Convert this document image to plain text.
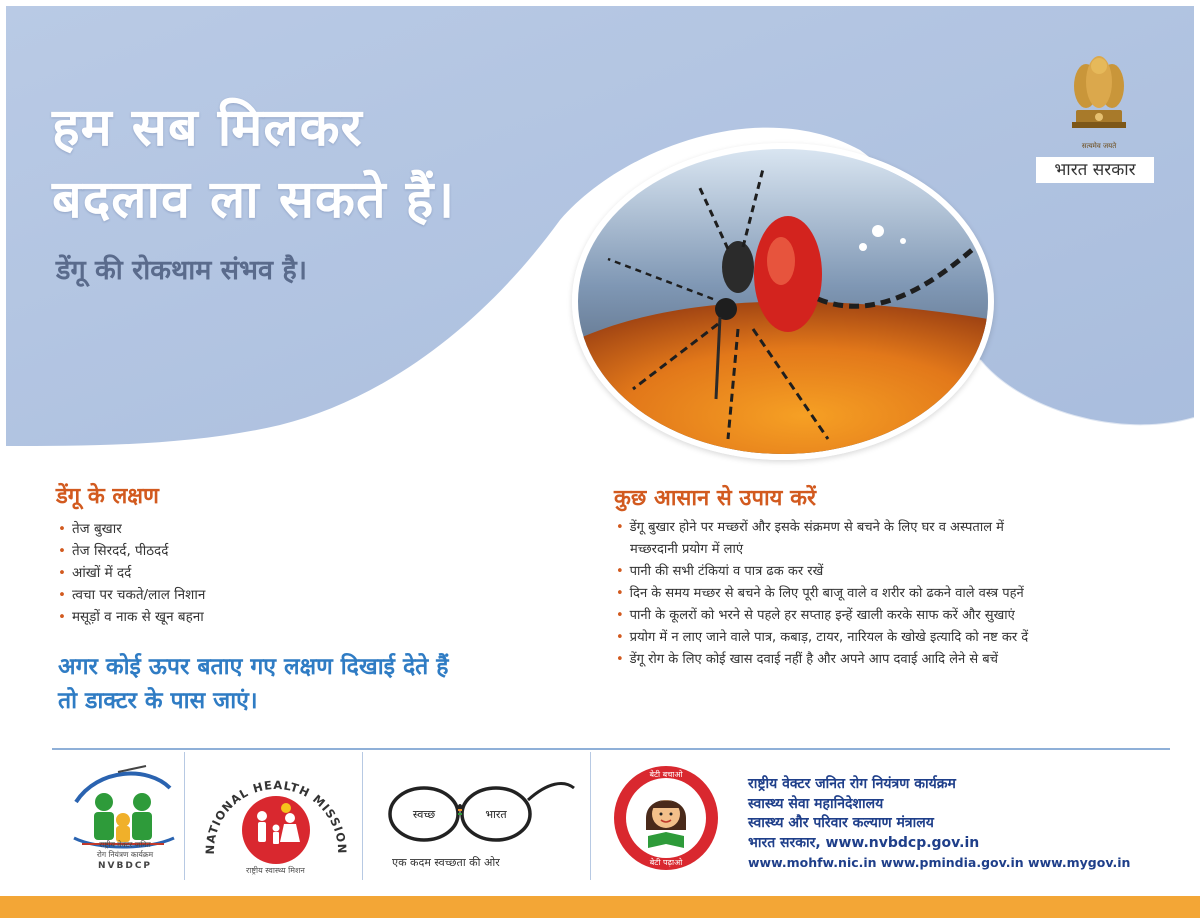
हम सब मिलकर
बदलाव ला सकते हैं।
डेंगू की रोकथाम संभव है।
सत्यमेव जयते
भारत सरकार
डेंगू के लक्षण
• तेज बुखार
• तेज सिरदर्द, पीठदर्द
• आंखों में दर्द
• त्वचा पर चकते/लाल निशान
• मसूड़ों व नाक से खून बहना
अगर कोई ऊपर बताए गए लक्षण दिखाई देते हैं
तो डाक्टर के पास जाएं।
कुछ आसान से उपाय करें
• डेंगू बुखार होने पर मच्छरों और इसके संक्रमण से बचने के लिए घर व अस्पताल में
मच्छरदानी प्रयोग में लाएं
• पानी की सभी टंकियां व पात्र ढक कर रखें
• दिन के समय मच्छर से बचने के लिए पूरी बाजू वाले व शरीर को ढकने वाले वस्त्र पहनें
• पानी के कूलरों को भरने से पहले हर सप्ताह इन्हें खाली करके साफ करें और सुखाएं
• प्रयोग में न लाए जाने वाले पात्र, कबाड़, टायर, नारियल के खोखे इत्यादि को नष्ट कर दें
• डेंगू रोग के लिए कोई खास दवाई नहीं है और अपने आप दवाई आदि लेने से बचें
राष्ट्रीय वेक्टर जनित
रोग नियंत्रण कार्यक्रम
NVBDCP
NATIONAL HEALTH MISSION
राष्ट्रीय स्वास्थ्य मिशन
स्वच्छ	भारत
एक कदम स्वच्छता की ओर
बेटी बचाओ
बेटी पढ़ाओ
राष्ट्रीय वेक्टर जनित रोग नियंत्रण कार्यक्रम
स्वास्थ्य सेवा महानिदेशालय
स्वास्थ्य और परिवार कल्याण मंत्रालय
भारत सरकार, www.nvbdcp.gov.in
www.mohfw.nic.in www.pmindia.gov.in www.mygov.in
